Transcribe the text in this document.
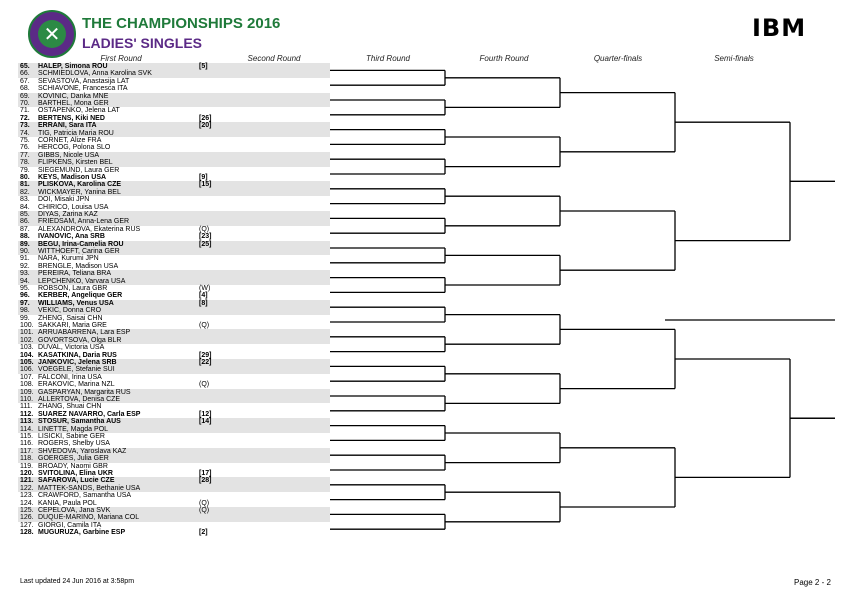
✕	THE CHAMPIONSHIPS 2016
LADIES' SINGLES
IBM
First Round	Second Round	Third Round	Fourth Round	Quarter-finals	Semi-finals
65. HALEP, Simona ROU	[5]
66. SCHMIEDLOVA, Anna Karolina SVK
67. SEVASTOVA, Anastasija LAT
68. SCHIAVONE, Francesca ITA
69. KOVINIC, Danka MNE
70. BARTHEL, Mona GER
71. OSTAPENKO, Jelena LAT
72. BERTENS, Kiki NED	[26]
73. ERRANI, Sara ITA	[20]
74. TIG, Patricia Maria ROU
75. CORNET, Alize FRA
76. HERCOG, Polona SLO
77. GIBBS, Nicole USA
78. FLIPKENS, Kirsten BEL
79. SIEGEMUND, Laura GER
80. KEYS, Madison USA	[9]
81. PLISKOVA, Karolina CZE	[15]
82. WICKMAYER, Yanina BEL
83. DOI, Misaki JPN
84. CHIRICO, Louisa USA
85. DIYAS, Zarina KAZ
86. FRIEDSAM, Anna-Lena GER
87. ALEXANDROVA, Ekaterina RUS	(Q)
88. IVANOVIC, Ana SRB	[23]
89. BEGU, Irina-Camelia ROU	[25]
90. WITTHOEFT, Carina GER
91. NARA, Kurumi JPN
92. BRENGLE, Madison USA
93. PEREIRA, Teliana BRA
94. LEPCHENKO, Varvara USA
95. ROBSON, Laura GBR	(W)
96. KERBER, Angelique GER	[4]
97. WILLIAMS, Venus USA	[8]
98. VEKIC, Donna CRO
99. ZHENG, Saisai CHN
100. SAKKARI, Maria GRE	(Q)
101. ARRUABARRENA, Lara ESP
102. GOVORTSOVA, Olga BLR
103. DUVAL, Victoria USA
104. KASATKINA, Daria RUS	[29]
105. JANKOVIC, Jelena SRB	[22]
106. VOEGELE, Stefanie SUI
107. FALCONI, Irina USA
108. ERAKOVIC, Marina NZL	(Q)
109. GASPARYAN, Margarita RUS
110. ALLERTOVA, Denisa CZE
111. ZHANG, Shuai CHN
112. SUAREZ NAVARRO, Carla ESP	[12]
113. STOSUR, Samantha AUS	[14]
114. LINETTE, Magda POL
115. LISICKI, Sabine GER
116. ROGERS, Shelby USA
117. SHVEDOVA, Yaroslava KAZ
118. GOERGES, Julia GER
119. BROADY, Naomi GBR
120. SVITOLINA, Elina UKR	[17]
121. SAFAROVA, Lucie CZE	[28]
122. MATTEK-SANDS, Bethanie USA
123. CRAWFORD, Samantha USA
124. KANIA, Paula POL	(Q)
125. CEPELOVA, Jana SVK	(Q)
126. DUQUE-MARINO, Mariana COL
127. GIORGI, Camila ITA
128. MUGURUZA, Garbine ESP	[2]
Last updated 24 Jun 2016 at 3:58pm	Page 2 - 2
